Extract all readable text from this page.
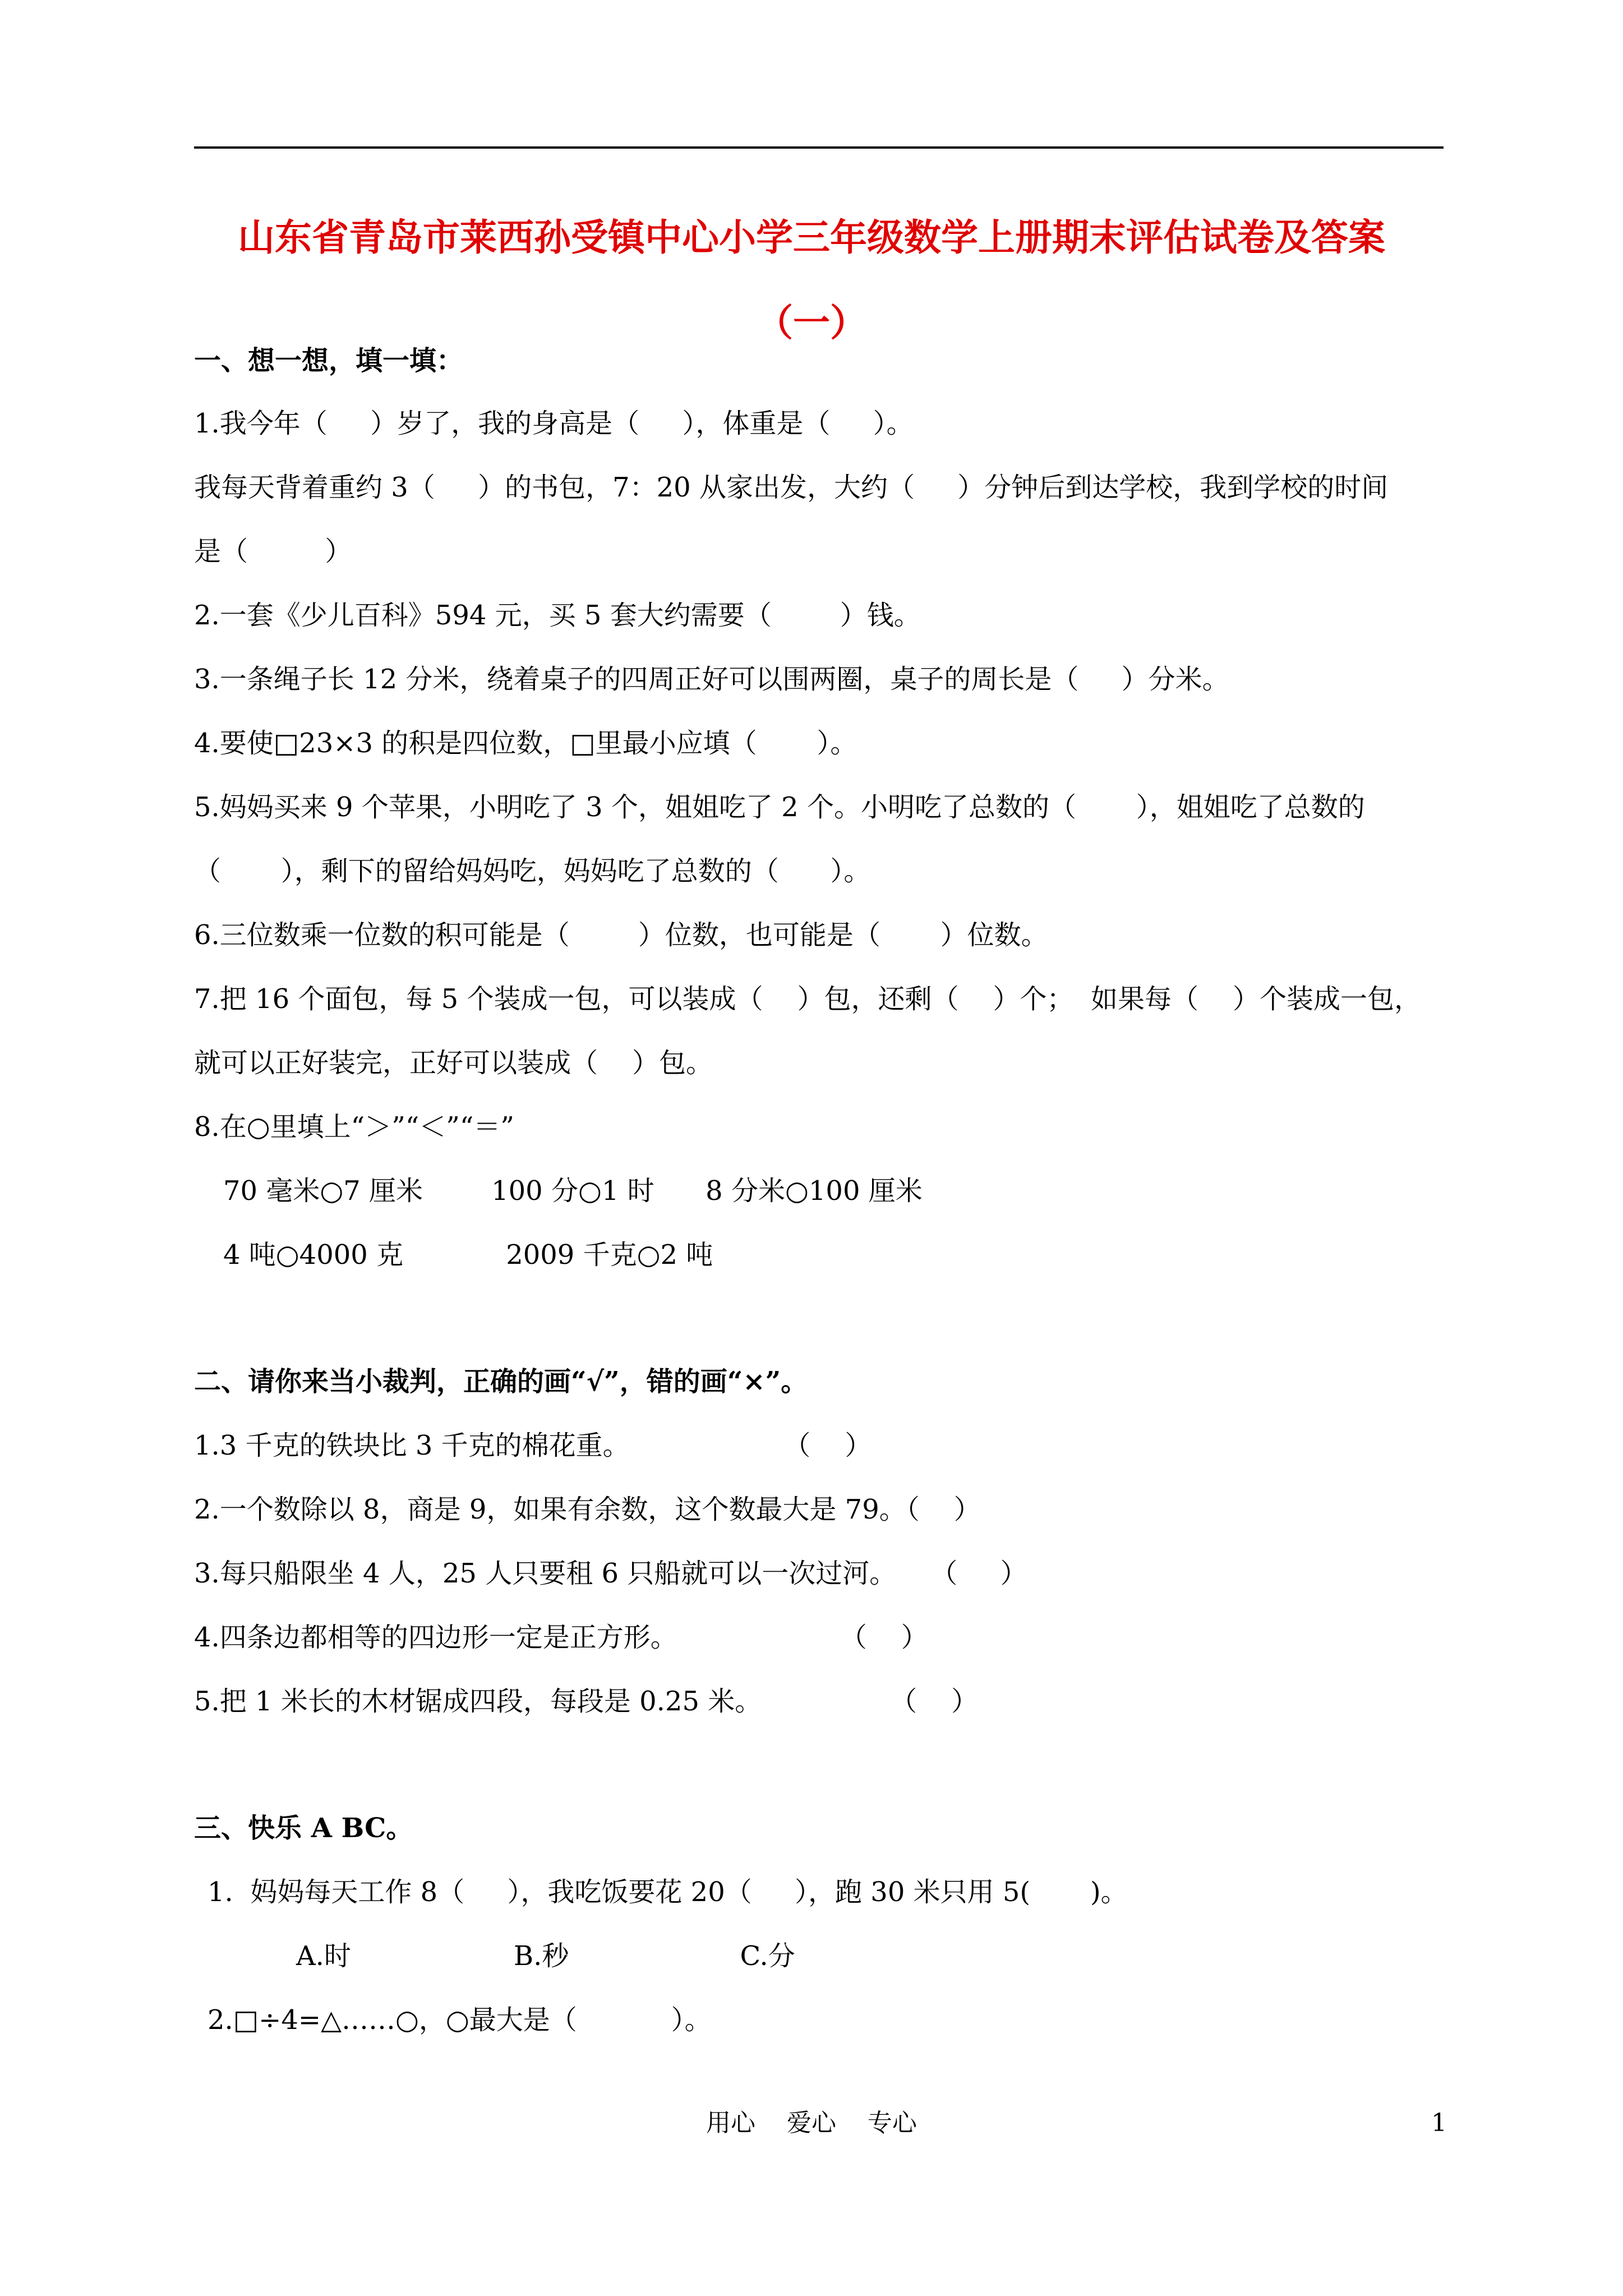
山东省青岛市莱西孙受镇中心小学三年级数学上册期末评估试卷及答案
（一）
一、想一想，填一填：
1.我今年（     ）岁了，我的身高是（     ），体重是（     ）。
我每天背着重约 3（     ）的书包，7：20 从家出发，大约（     ）分钟后到达学校，我到学校的时间
是（         ）
2.一套《少儿百科》594 元，买 5 套大约需要（        ）钱。
3.一条绳子长 12 分米，绕着桌子的四周正好可以围两圈，桌子的周长是（     ）分米。
4.要使□23×3 的积是四位数，□里最小应填（       ）。
5.妈妈买来 9 个苹果，小明吃了 3 个，姐姐吃了 2 个。小明吃了总数的（       ），姐姐吃了总数的
（       ），剩下的留给妈妈吃，妈妈吃了总数的（      ）。
6.三位数乘一位数的积可能是（        ）位数，也可能是（       ）位数。
7.把 16 个面包，每 5 个装成一包，可以装成（    ）包，还剩（    ）个；  如果每（    ）个装成一包，
就可以正好装完，正好可以装成（    ）包。
8.在○里填上“＞”“＜”“＝”
70 毫米○7 厘米        100 分○1 时      8 分米○100 厘米
4 吨○4000 克            2009 千克○2 吨
二、请你来当小裁判，正确的画“√”，错的画“×”。
1.3 千克的铁块比 3 千克的棉花重。                  （    ）
2.一个数除以 8，商是 9，如果有余数，这个数最大是 79。（    ）
3.每只船限坐 4 人，25 人只要租 6 只船就可以一次过河。    （     ）
4.四条边都相等的四边形一定是正方形。                   （    ）
5.把 1 米长的木材锯成四段，每段是 0.25 米。               （    ）
三、快乐 A BC。
1.  妈妈每天工作 8（     ），我吃饭要花 20（     ），跑 30 米只用 5(       )。
A.时                   B.秒                    C.分
2.□÷4=△……○，○最大是（           ）。
用心    爱心    专心	1
